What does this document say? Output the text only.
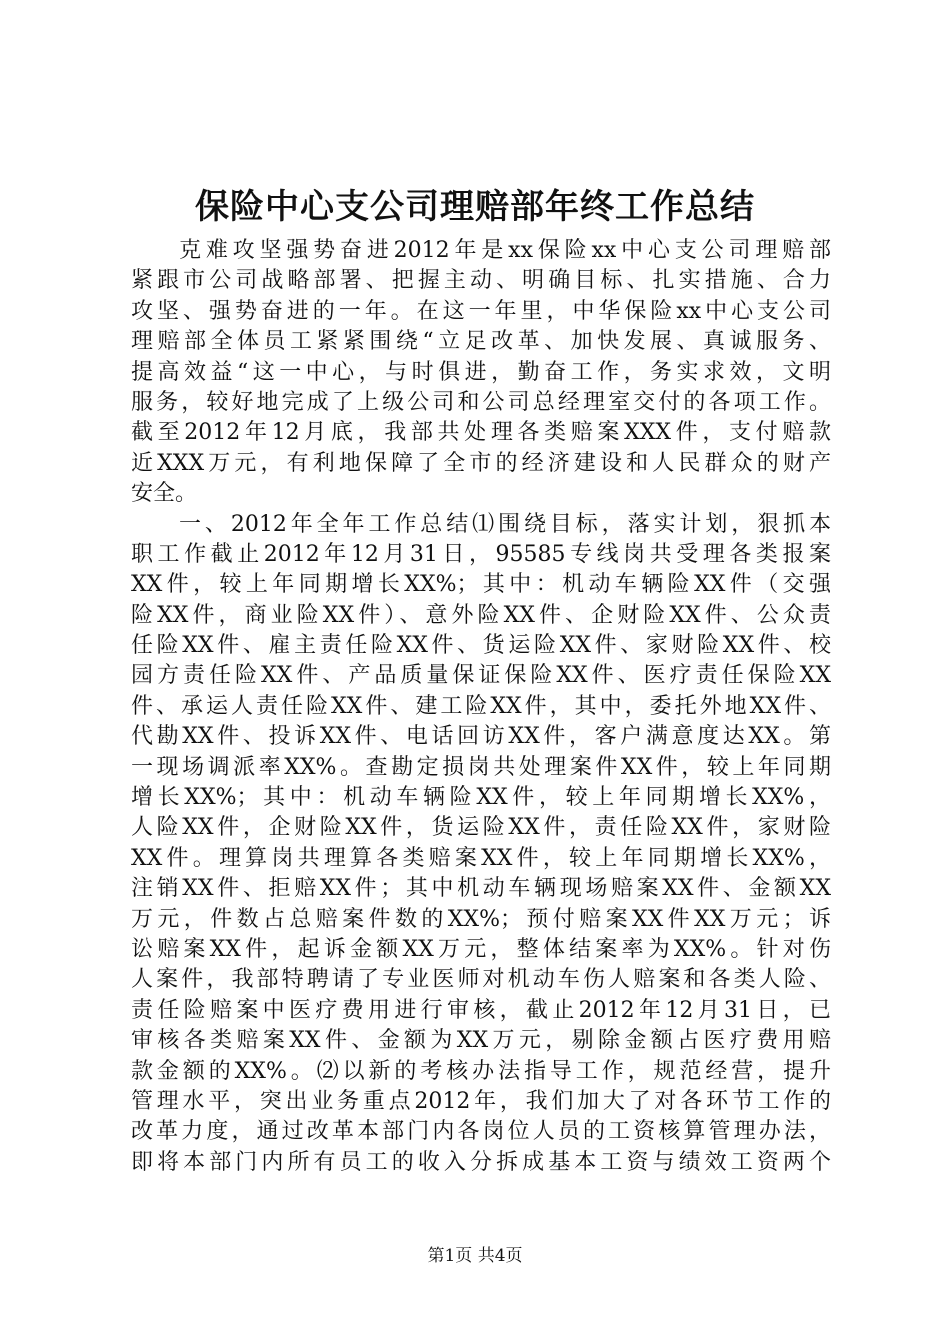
保险中心支公司理赔部年终工作总结
克难攻坚强势奋进2012年是xx保险xx中心支公司理赔部
紧跟市公司战略部署、把握主动、明确目标、扎实措施、合力
攻坚、强势奋进的一年。在这一年里，中华保险xx中心支公司
理赔部全体员工紧紧围绕“立足改革、加快发展、真诚服务、
提高效益“这一中心，与时俱进，勤奋工作，务实求效，文明
服务，较好地完成了上级公司和公司总经理室交付的各项工作。
截至2012年12月底，我部共处理各类赔案XXX件，支付赔款
近XXX万元，有利地保障了全市的经济建设和人民群众的财产
安全。
一、2012年全年工作总结⑴围绕目标，落实计划，狠抓本
职工作截止2012年12月31日，95585专线岗共受理各类报案
XX件，较上年同期增长XX%；其中：机动车辆险XX件（交强
险XX件，商业险XX件）、意外险XX件、企财险XX件、公众责
任险XX件、雇主责任险XX件、货运险XX件、家财险XX件、校
园方责任险XX件、产品质量保证保险XX件、医疗责任保险XX
件、承运人责任险XX件、建工险XX件，其中，委托外地XX件、
代勘XX件、投诉XX件、电话回访XX件，客户满意度达XX。第
一现场调派率XX%。查勘定损岗共处理案件XX件，较上年同期
增长XX%；其中：机动车辆险XX件，较上年同期增长XX%，
人险XX件，企财险XX件，货运险XX件，责任险XX件，家财险
XX件。理算岗共理算各类赔案XX件，较上年同期增长XX%，
注销XX件、拒赔XX件；其中机动车辆现场赔案XX件、金额XX
万元，件数占总赔案件数的XX%；预付赔案XX件XX万元；诉
讼赔案XX件，起诉金额XX万元，整体结案率为XX%。针对伤
人案件，我部特聘请了专业医师对机动车伤人赔案和各类人险、
责任险赔案中医疗费用进行审核，截止2012年12月31日，已
审核各类赔案XX件、金额为XX万元，剔除金额占医疗费用赔
款金额的XX%。⑵以新的考核办法指导工作，规范经营，提升
管理水平，突出业务重点2012年，我们加大了对各环节工作的
改革力度，通过改革本部门内各岗位人员的工资核算管理办法，
即将本部门内所有员工的收入分拆成基本工资与绩效工资两个
第1页 共4页
